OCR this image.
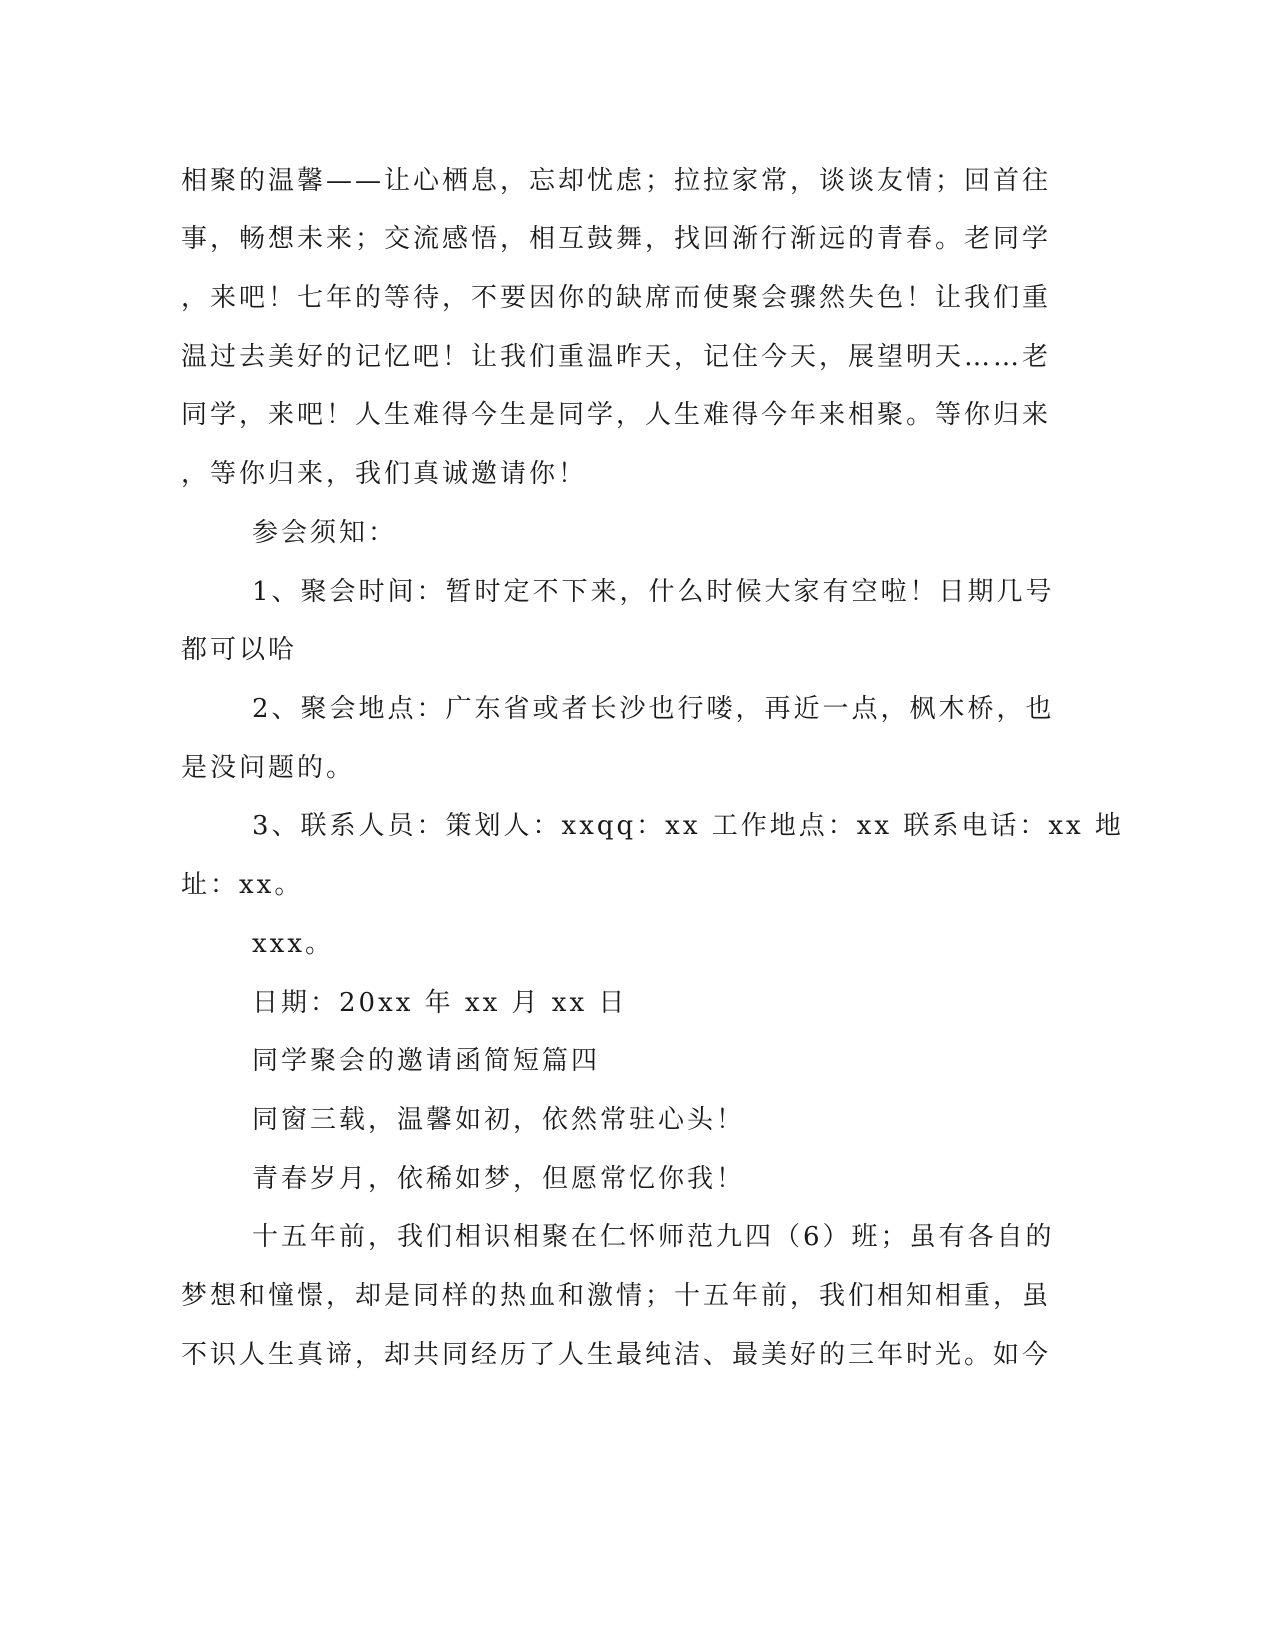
相聚的温馨——让心栖息，忘却忧虑；拉拉家常，谈谈友情；回首往
事，畅想未来；交流感悟，相互鼓舞，找回渐行渐远的青春。老同学
，来吧！七年的等待，不要因你的缺席而使聚会骤然失色！让我们重
温过去美好的记忆吧！让我们重温昨天，记住今天，展望明天……老
同学，来吧！人生难得今生是同学，人生难得今年来相聚。等你归来
，等你归来，我们真诚邀请你！
参会须知：
1、聚会时间：暂时定不下来，什么时候大家有空啦！日期几号
都可以哈
2、聚会地点：广东省或者长沙也行喽，再近一点，枫木桥，也
是没问题的。
3、联系人员：策划人：xxqq：xx 工作地点：xx 联系电话：xx 地
址：xx。
xxx。
日期：20xx 年 xx 月 xx 日
同学聚会的邀请函简短篇四
同窗三载，温馨如初，依然常驻心头！
青春岁月，依稀如梦，但愿常忆你我！
十五年前，我们相识相聚在仁怀师范九四（6）班；虽有各自的
梦想和憧憬，却是同样的热血和激情；十五年前，我们相知相重，虽
不识人生真谛，却共同经历了人生最纯洁、最美好的三年时光。如今
